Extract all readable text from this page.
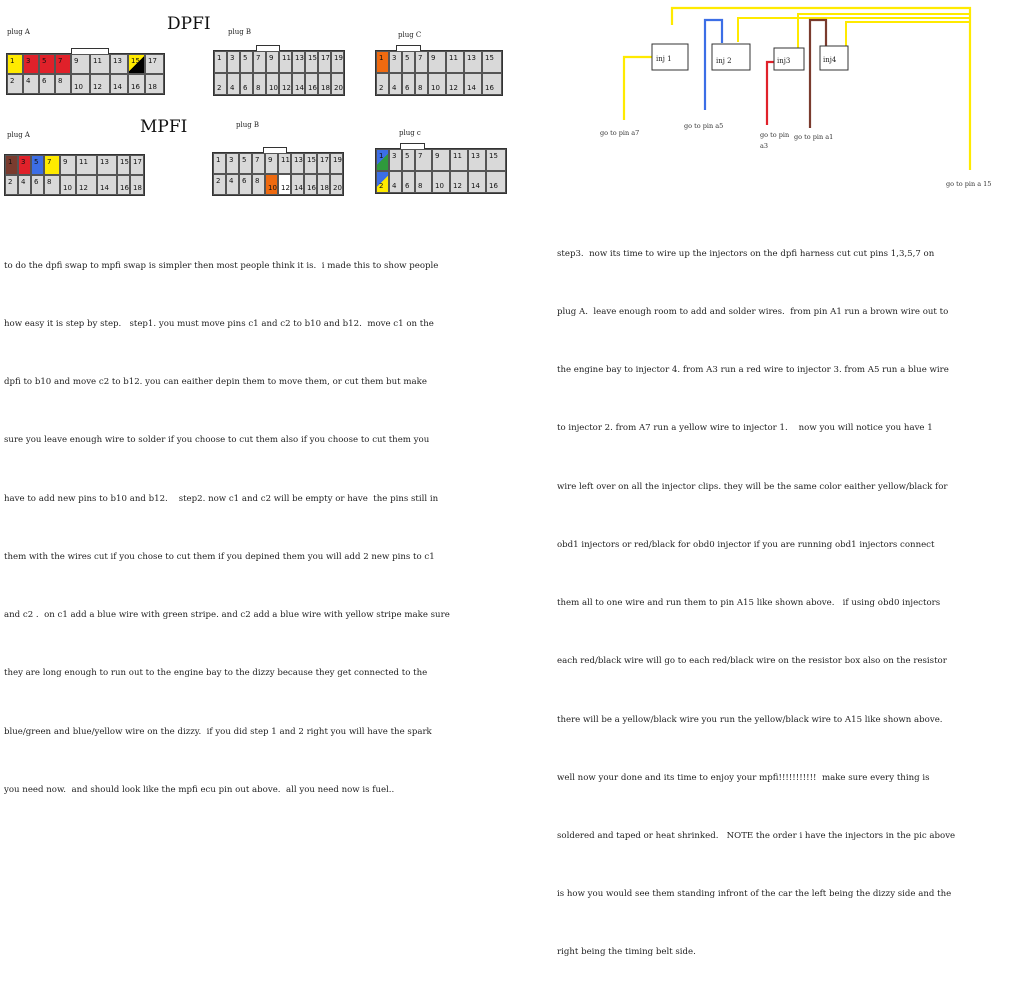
DPFI
MPFI
plug A	plug B	plug C
plug A
plug B
plug c
1 3 5 7 9 11 13 15 17
2 4 6 8
10 12 14 16 18
1 3 5 7 9 11 13 15 17 19
2 4 6 8 10 12 14 16 18 20
1 3 5 7 9 11 13 15
2 4 6 8 10 12 14 16
1 3 5 7 9 11 13 15 17
2 4 6 8
10 12 14 16 18
1 3 5 7 9 11 13 15 17 19
2 4 6 8
10 12 14 16 18 20
1 3 5 7 9 11 13 15
2 4 6 8 10 12 14 16
inj 1	inj 2	inj3	inj4
go to pin a7
go to pin a5
go to pin
a3
go to pin a1
go to pin a 15

to do the dpfi swap to mpfi swap is simpler then most people think it is.  i made this to show people

how easy it is step by step.   step1. you must move pins c1 and c2 to b10 and b12.  move c1 on the

dpfi to b10 and move c2 to b12. you can eaither depin them to move them, or cut them but make

sure you leave enough wire to solder if you choose to cut them also if you choose to cut them you

have to add new pins to b10 and b12.    step2. now c1 and c2 will be empty or have  the pins still in

them with the wires cut if you chose to cut them if you depined them you will add 2 new pins to c1

and c2 .  on c1 add a blue wire with green stripe. and c2 add a blue wire with yellow stripe make sure

they are long enough to run out to the engine bay to the dizzy because they get connected to the

blue/green and blue/yellow wire on the dizzy.  if you did step 1 and 2 right you will have the spark

you need now.  and should look like the mpfi ecu pin out above.  all you need now is fuel..

step3.  now its time to wire up the injectors on the dpfi harness cut cut pins 1,3,5,7 on

plug A.  leave enough room to add and solder wires.  from pin A1 run a brown wire out to

the engine bay to injector 4. from A3 run a red wire to injector 3. from A5 run a blue wire

to injector 2. from A7 run a yellow wire to injector 1.    now you will notice you have 1

wire left over on all the injector clips. they will be the same color eaither yellow/black for

obd1 injectors or red/black for obd0 injector if you are running obd1 injectors connect

them all to one wire and run them to pin A15 like shown above.   if using obd0 injectors

each red/black wire will go to each red/black wire on the resistor box also on the resistor

there will be a yellow/black wire you run the yellow/black wire to A15 like shown above.

well now your done and its time to enjoy your mpfi!!!!!!!!!!!  make sure every thing is

soldered and taped or heat shrinked.   NOTE the order i have the injectors in the pic above

is how you would see them standing infront of the car the left being the dizzy side and the

right being the timing belt side.
